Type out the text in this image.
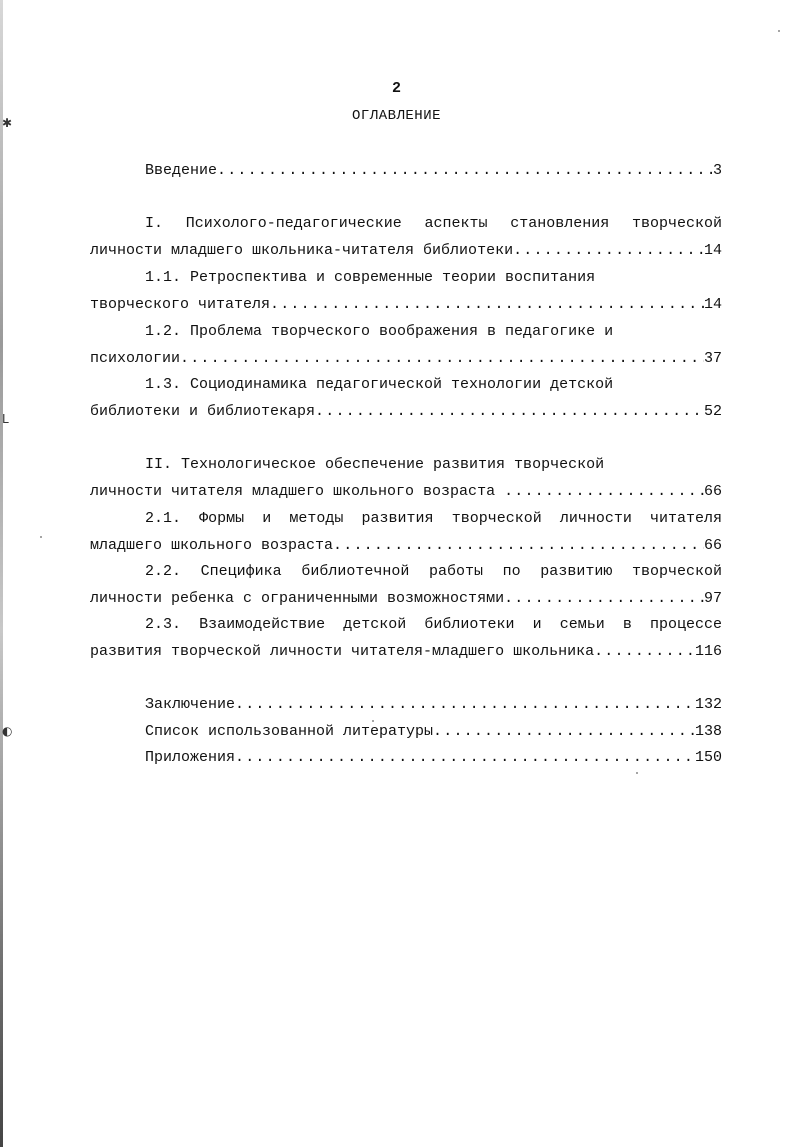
✱
ᒪ
◐
2
ОГЛАВЛЕНИЕ
Введение .....	3
I. Психолого-педагогические аспекты становления творческой
личности младшего школьника-читателя библиотеки .....	14
1.1. Ретроспектива и современные теории воспитания
творческого читателя .....	14
1.2. Проблема творческого воображения в педагогике и
психологии .....	37
1.3. Социодинамика педагогической технологии детской
библиотеки и библиотекаря .....	52
II. Технологическое обеспечение развития творческой
личности читателя младшего школьного возраста .....	66
2.1. Формы и методы развития творческой личности читателя
младшего школьного возраста .....	66
2.2. Специфика библиотечной работы по развитию творческой
личности ребенка с ограниченными возможностями .....	97
2.3. Взаимодействие детской библиотеки и семьи в процессе
развития творческой личности читателя-младшего школьника .....	116
Заключение .....	132
Список использованной литературы .....	138
Приложения .....	150
